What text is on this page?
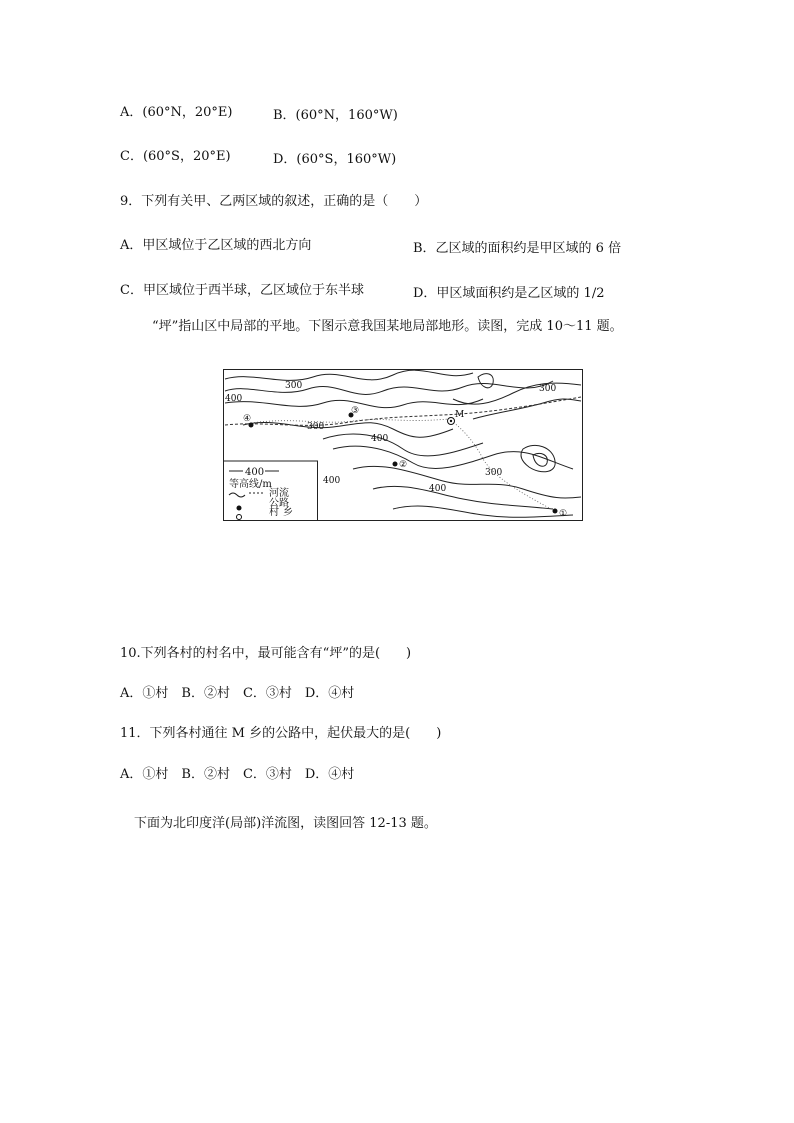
A．(60°N，20°E)	B．(60°N，160°W)
C．(60°S，20°E)	D．(60°S，160°W)
9．下列有关甲、乙两区域的叙述，正确的是（　　）
A．甲区域位于乙区域的西北方向	B．乙区域的面积约是甲区域的 6 倍
C．甲区域位于西半球，乙区域位于东半球	D．甲区域面积约是乙区域的 1/2
“坪”指山区中局部的平地。下图示意我国某地局部地形。读图，完成 10～11 题。
300	300
400
400
400
300
400
300
①
②
③
④	M
400
等高线/m
河流
公路
村 乡
10.下列各村的村名中，最可能含有“坪”的是(　　)
A．①村　B．②村　C．③村　D．④村
11．下列各村通往 M 乡的公路中，起伏最大的是(　　)
A．①村　B．②村　C．③村　D．④村
下面为北印度洋(局部)洋流图，读图回答 12-13 题。
